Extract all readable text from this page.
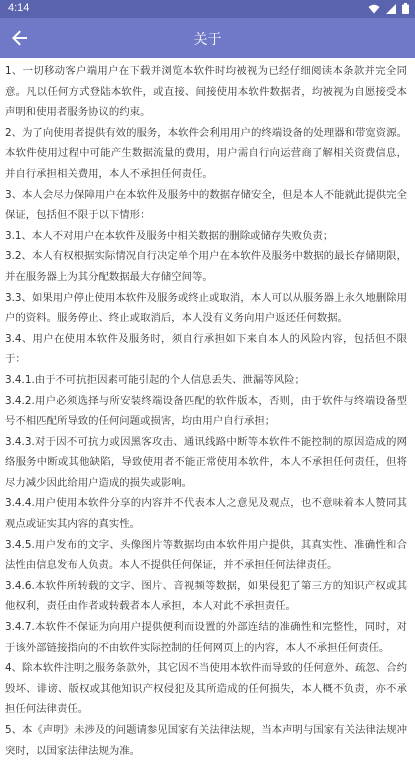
4:14
关于

1、一切移动客户端用户在下载并浏览本软件时均被视为已经仔细阅读本条款并完全同意。凡以任何方式登陆本软件，或直接、间接使用本软件数据者，均被视为自愿接受本声明和使用者服务协议的约束。

2、为了向使用者提供有效的服务，本软件会利用用户的终端设备的处理器和带宽资源。本软件使用过程中可能产生数据流量的费用，用户需自行向运营商了解相关资费信息，并自行承担相关费用，本人不承担任何责任。

3、本人会尽力保障用户在本软件及服务中的数据存储安全，但是本人不能就此提供完全保证，包括但不限于以下情形：

3.1、本人不对用户在本软件及服务中相关数据的删除或储存失败负责；

3.2、本人有权根据实际情况自行决定单个用户在本软件及服务中数据的最长存储期限，并在服务器上为其分配数据最大存储空间等。

3.3、如果用户停止使用本软件及服务或终止或取消，本人可以从服务器上永久地删除用户的资料。服务停止、终止或取消后，本人没有义务向用户返还任何数据。

3.4、用户在使用本软件及服务时，须自行承担如下来自本人的风险内容，包括但不限于：

3.4.1.由于不可抗拒因素可能引起的个人信息丢失、泄漏等风险；

3.4.2.用户必须选择与所安装终端设备匹配的软件版本，否则，由于软件与终端设备型号不相匹配所导致的任何问题或损害，均由用户自行承担；

3.4.3.对于因不可抗力或因黑客攻击、通讯线路中断等本软件不能控制的原因造成的网络服务中断或其他缺陷，导致使用者不能正常使用本软件，本人不承担任何责任，但将尽力减少因此给用户造成的损失或影响。

3.4.4.用户使用本软件分享的内容并不代表本人之意见及观点，也不意味着本人赞同其观点或证实其内容的真实性。

3.4.5.用户发布的文字、头像图片等数据均由本软件用户提供，其真实性、准确性和合法性由信息发布人负责。本人不提供任何保证，并不承担任何法律责任。

3.4.6.本软件所转载的文字、图片、音视频等数据，如果侵犯了第三方的知识产权或其他权利，责任由作者或转载者本人承担，本人对此不承担责任。

3.4.7.本软件不保证为向用户提供便利而设置的外部连结的准确性和完整性，同时，对于该外部链接指向的不由软件实际控制的任何网页上的内容，本人不承担任何责任。

4、除本软件注明之服务条款外，其它因不当使用本软件而导致的任何意外、疏忽、合约毁坏、诽谤、版权或其他知识产权侵犯及其所造成的任何损失，本人概不负责，亦不承担任何法律责任。

5、本《声明》未涉及的问题请参见国家有关法律法规，当本声明与国家有关法律法规冲突时，以国家法律法规为准。
